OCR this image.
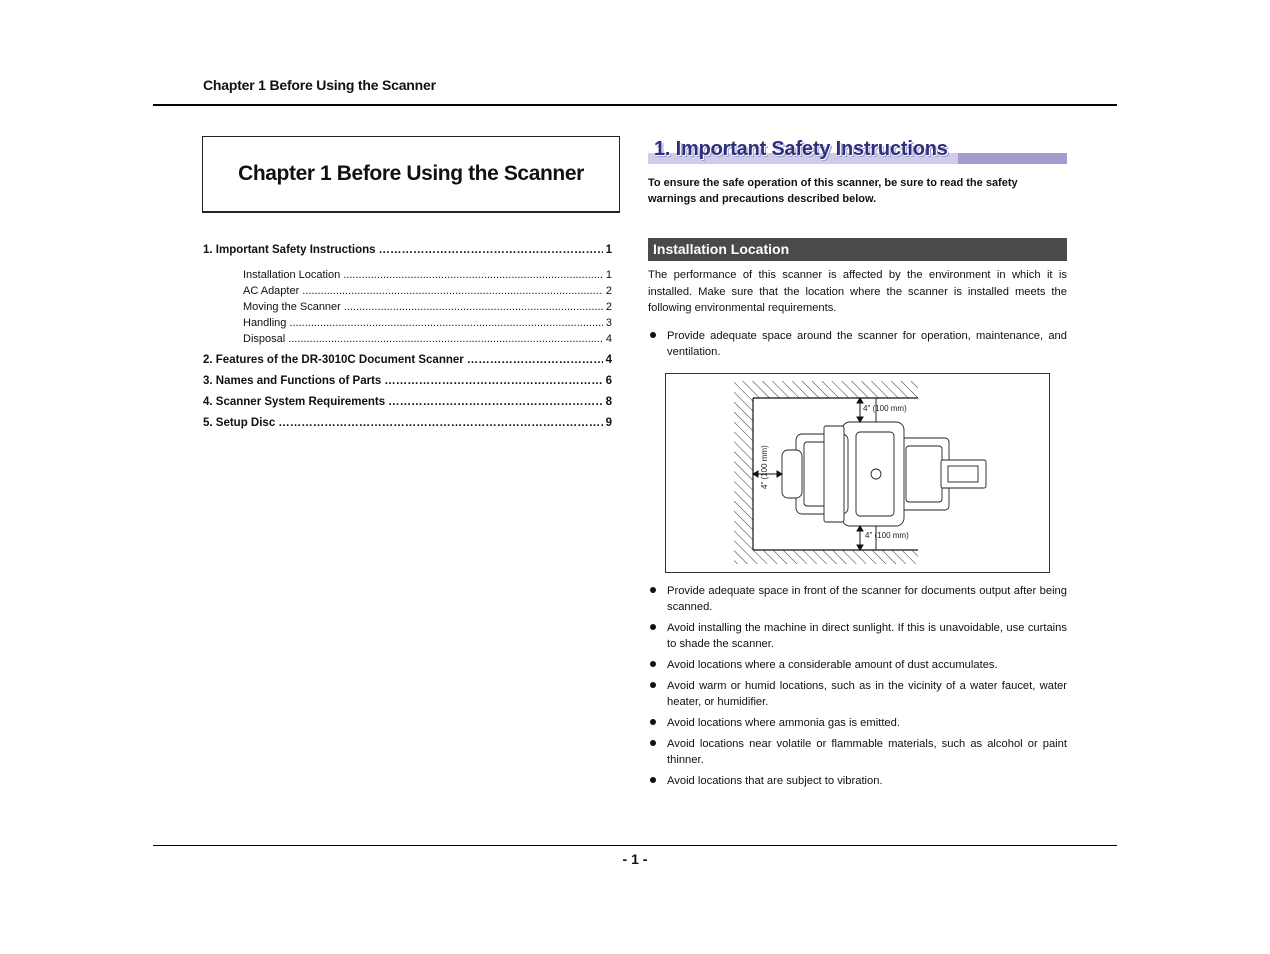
Chapter 1 Before Using the Scanner
Chapter 1 Before Using the Scanner
1. Important Safety Instructions ……………………………………………………………………………………………………	1
Installation Location .....	1
AC Adapter .....	2
Moving the Scanner .....	2
Handling .....	3
Disposal .....	4
2. Features of the DR-3010C Document Scanner ……………………………………………………………………………………………………	4
3. Names and Functions of Parts ……………………………………………………………………………………………………	6
4. Scanner System Requirements ……………………………………………………………………………………………………	8
5. Setup Disc ……………………………………………………………………………………………………	9
1. Important Safety Instructions
To ensure the safe operation of this scanner, be sure to read the safety warnings and precautions described below.
Installation Location
The performance of this scanner is affected by the environment in which it is installed. Make sure that the location where the scanner is installed meets the following environmental requirements.
Provide adequate space around the scanner for operation, maintenance, and ventilation.
4" (100 mm)
4" (100 mm)
4" (100 mm)
Provide adequate space in front of the scanner for documents output after being scanned.
Avoid installing the machine in direct sunlight. If this is unavoidable, use curtains to shade the scanner.
Avoid locations where a considerable amount of dust accumulates.
Avoid warm or humid locations, such as in the vicinity of a water faucet, water heater, or humidifier.
Avoid locations where ammonia gas is emitted.
Avoid locations near volatile or flammable materials, such as alcohol or paint thinner.
Avoid locations that are subject to vibration.
- 1 -
